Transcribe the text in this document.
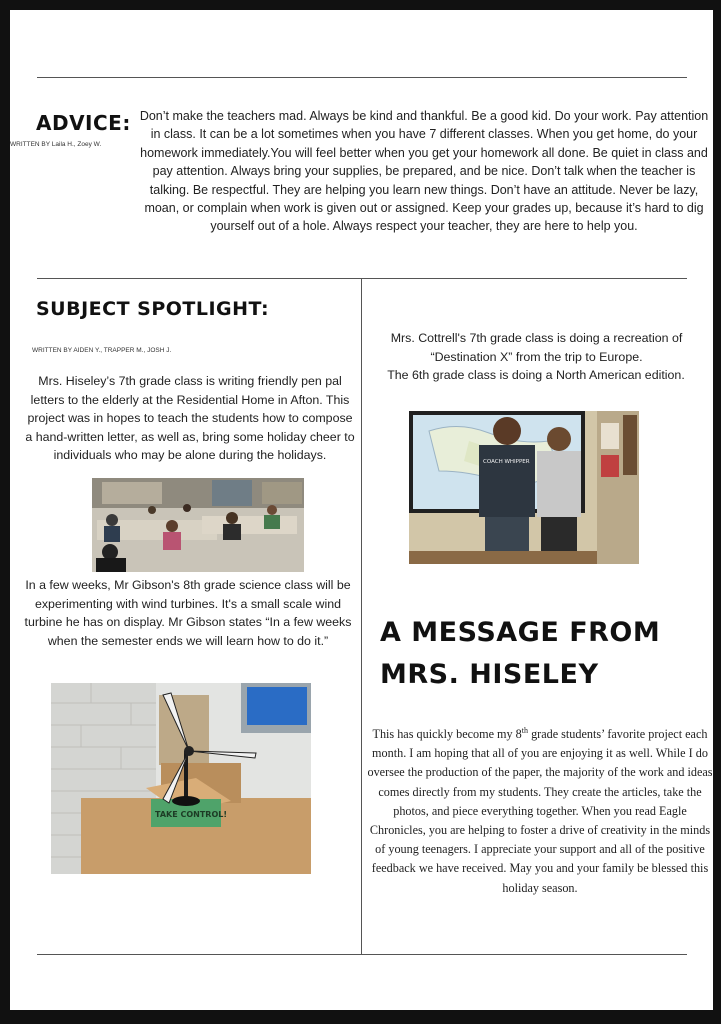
ADVICE:
WRITTEN BY Laila H., Zoey W.
Don’t make the teachers mad. Always be kind and thankful. Be a good kid. Do your work. Pay attention in class. It can be a lot sometimes when you have 7 different classes. When you get home, do your homework immediately.You will feel better when you get your homework all done. Be quiet in class and pay attention. Always bring your supplies, be prepared, and be nice. Don’t talk when the teacher is talking. Be respectful. They are helping you learn new things. Don’t have an attitude. Never be lazy, moan, or complain when work is given out or assigned. Keep your grades up, because it’s hard to dig yourself out of a hole. Always respect your teacher, they are here to help you.
SUBJECT SPOTLIGHT:
WRITTEN BY AIDEN Y., TRAPPER M., JOSH J.
Mrs. Hiseley’s 7th grade class is writing friendly pen pal letters to the elderly at the Residential Home in Afton. This project was in hopes to teach the students how to compose a hand-written letter, as well as, bring some holiday cheer to individuals who may be alone during the holidays.
In a few weeks, Mr Gibson's 8th grade science class will be experimenting with wind turbines. It's a small scale wind turbine he has on display. Mr Gibson states “In a few weeks when the semester ends we will learn how to do it.”
TAKE CONTROL!
Mrs. Cottrell's 7th grade class is doing a recreation of “Destination X” from the trip to Europe.
The 6th grade class is doing a North American edition.
COACH WHIPPER
A MESSAGE FROM
MRS. HISELEY
This has quickly become my 8th grade students’ favorite project each month. I am hoping that all of you are enjoying it as well. While I do oversee the production of the paper, the majority of the work and ideas comes directly from my students. They create the articles, take the photos, and piece everything together. When you read Eagle Chronicles, you are helping to foster a drive of creativity in the minds of young teenagers. I appreciate your support and all of the positive feedback we have received. May you and your family be blessed this holiday season.
